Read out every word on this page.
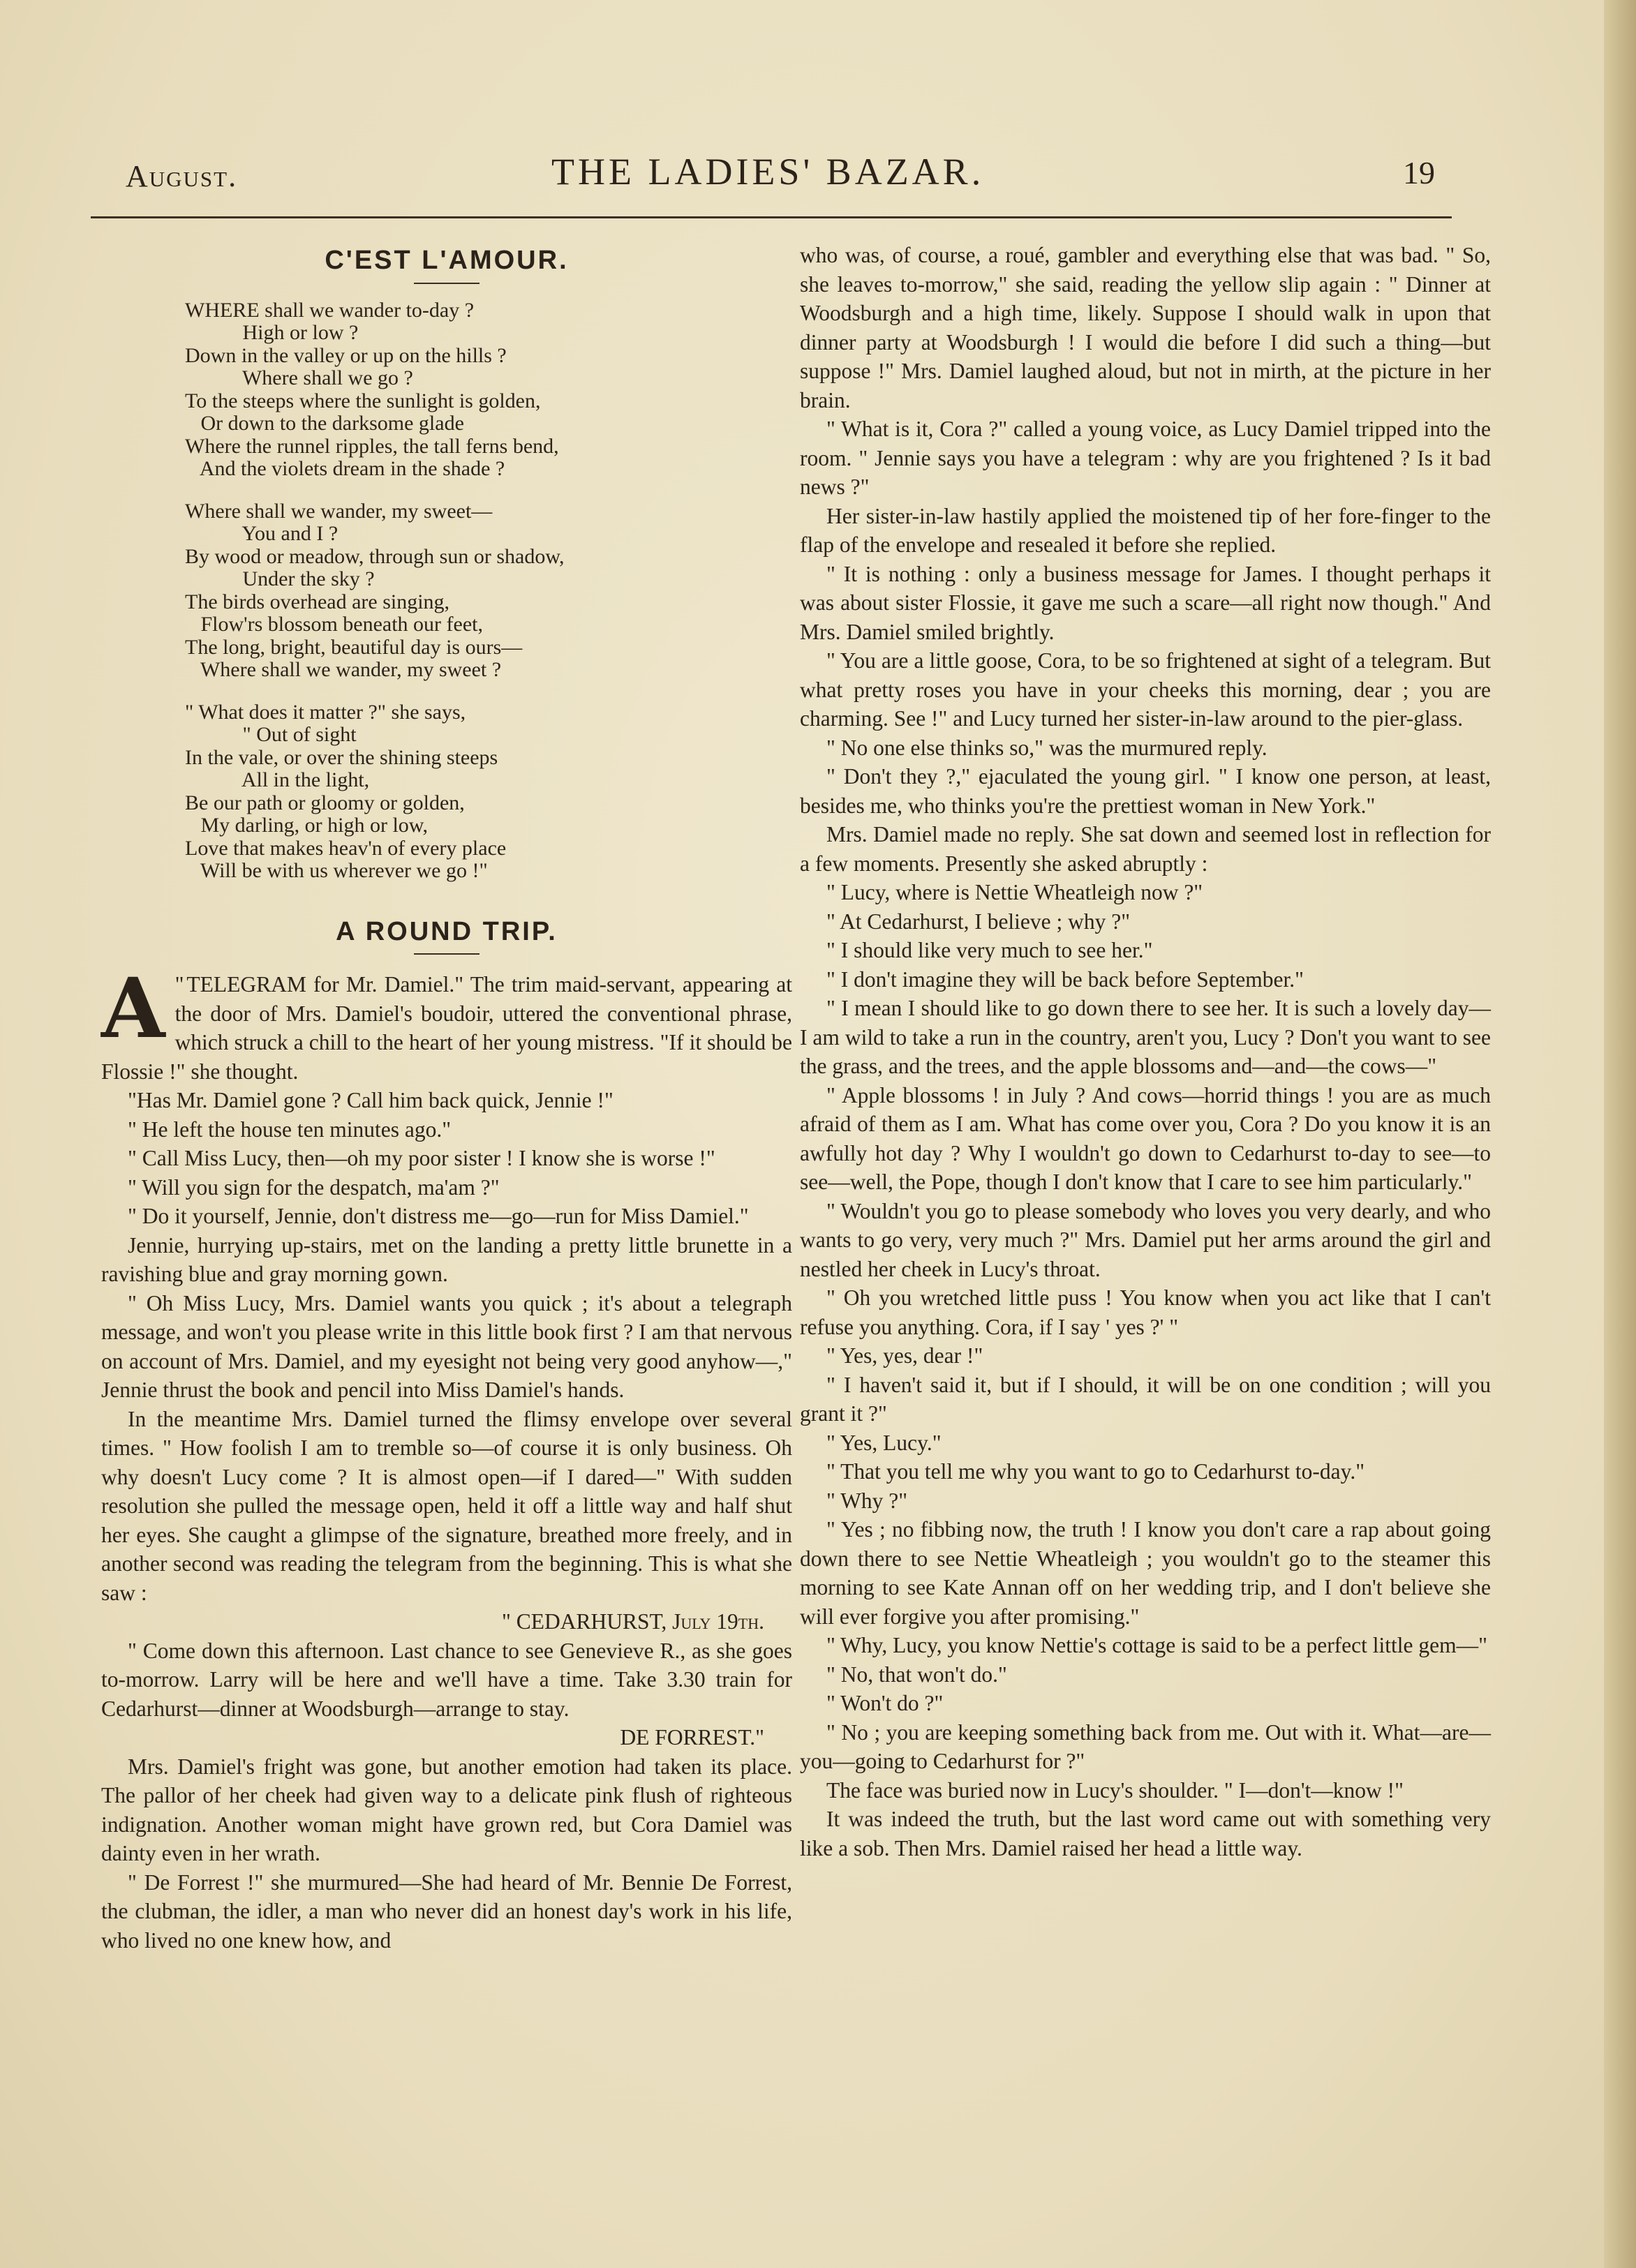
August.	THE LADIES' BAZAR.	19
C'EST L'AMOUR.
WHERE shall we wander to-day ?
High or low ?
Down in the valley or up on the hills ?
Where shall we go ?
To the steeps where the sunlight is golden,
Or down to the darksome glade
Where the runnel ripples, the tall ferns bend,
And the violets dream in the shade ?
Where shall we wander, my sweet—
You and I ?
By wood or meadow, through sun or shadow,
Under the sky ?
The birds overhead are singing,
Flow'rs blossom beneath our feet,
The long, bright, beautiful day is ours—
Where shall we wander, my sweet ?
" What does it matter ?" she says,
" Out of sight
In the vale, or over the shining steeps
All in the light,
Be our path or gloomy or golden,
My darling, or high or low,
Love that makes heav'n of every place
Will be with us wherever we go !"
A ROUND TRIP.

"
A TELEGRAM for Mr. Damiel." The trim maid-servant, appearing at the door of Mrs. Damiel's boudoir, uttered the conventional phrase, which struck a chill to the heart of her young mistress. "If it should be Flossie !" she thought.

"Has Mr. Damiel gone ? Call him back quick, Jennie !"

" He left the house ten minutes ago."

" Call Miss Lucy, then—oh my poor sister ! I know she is worse !"

" Will you sign for the despatch, ma'am ?"

" Do it yourself, Jennie, don't distress me—go—run for Miss Damiel."

Jennie, hurrying up-stairs, met on the landing a pretty little brunette in a ravishing blue and gray morning gown.

" Oh Miss Lucy, Mrs. Damiel wants you quick ; it's about a telegraph message, and won't you please write in this little book first ? I am that nervous on account of Mrs. Damiel, and my eyesight not being very good anyhow—," Jennie thrust the book and pencil into Miss Damiel's hands.

In the meantime Mrs. Damiel turned the flimsy envelope over several times. " How foolish I am to tremble so—of course it is only business. Oh why doesn't Lucy come ? It is almost open—if I dared—" With sudden resolution she pulled the message open, held it off a little way and half shut her eyes. She caught a glimpse of the signature, breathed more freely, and in another second was reading the telegram from the beginning. This is what she saw :

" CEDARHURST, July 19th.

" Come down this afternoon. Last chance to see Genevieve R., as she goes to-morrow. Larry will be here and we'll have a time. Take 3.30 train for Cedarhurst—dinner at Woodsburgh—arrange to stay.

DE FORREST."

Mrs. Damiel's fright was gone, but another emotion had taken its place. The pallor of her cheek had given way to a delicate pink flush of righteous indignation. Another woman might have grown red, but Cora Damiel was dainty even in her wrath.

" De Forrest !" she murmured—She had heard of Mr. Bennie De Forrest, the clubman, the idler, a man who never did an honest day's work in his life, who lived no one knew how, and

who was, of course, a roué, gambler and everything else that was bad. " So, she leaves to-morrow," she said, reading the yellow slip again : " Dinner at Woodsburgh and a high time, likely. Suppose I should walk in upon that dinner party at Woodsburgh ! I would die before I did such a thing—but suppose !" Mrs. Damiel laughed aloud, but not in mirth, at the picture in her brain.

" What is it, Cora ?" called a young voice, as Lucy Damiel tripped into the room. " Jennie says you have a telegram : why are you frightened ? Is it bad news ?"

Her sister-in-law hastily applied the moistened tip of her fore-finger to the flap of the envelope and resealed it before she replied.

" It is nothing : only a business message for James. I thought perhaps it was about sister Flossie, it gave me such a scare—all right now though." And Mrs. Damiel smiled brightly.

" You are a little goose, Cora, to be so frightened at sight of a telegram. But what pretty roses you have in your cheeks this morning, dear ; you are charming. See !" and Lucy turned her sister-in-law around to the pier-glass.

" No one else thinks so," was the murmured reply.

" Don't they ?," ejaculated the young girl. " I know one person, at least, besides me, who thinks you're the prettiest woman in New York."

Mrs. Damiel made no reply. She sat down and seemed lost in reflection for a few moments. Presently she asked abruptly :

" Lucy, where is Nettie Wheatleigh now ?"

" At Cedarhurst, I believe ; why ?"

" I should like very much to see her."

" I don't imagine they will be back before September."

" I mean I should like to go down there to see her. It is such a lovely day—I am wild to take a run in the country, aren't you, Lucy ? Don't you want to see the grass, and the trees, and the apple blossoms and—and—the cows—"

" Apple blossoms ! in July ? And cows—horrid things ! you are as much afraid of them as I am. What has come over you, Cora ? Do you know it is an awfully hot day ? Why I wouldn't go down to Cedarhurst to-day to see—to see—well, the Pope, though I don't know that I care to see him particularly."

" Wouldn't you go to please somebody who loves you very dearly, and who wants to go very, very much ?" Mrs. Damiel put her arms around the girl and nestled her cheek in Lucy's throat.

" Oh you wretched little puss ! You know when you act like that I can't refuse you anything. Cora, if I say ' yes ?' "

" Yes, yes, dear !"

" I haven't said it, but if I should, it will be on one condition ; will you grant it ?"

" Yes, Lucy."

" That you tell me why you want to go to Cedarhurst to-day."

" Why ?"

" Yes ; no fibbing now, the truth ! I know you don't care a rap about going down there to see Nettie Wheatleigh ; you wouldn't go to the steamer this morning to see Kate Annan off on her wedding trip, and I don't believe she will ever forgive you after promising."

" Why, Lucy, you know Nettie's cottage is said to be a perfect little gem—"

" No, that won't do."

" Won't do ?"

" No ; you are keeping something back from me. Out with it. What—are—you—going to Cedarhurst for ?"

The face was buried now in Lucy's shoulder. " I—don't—know !"

It was indeed the truth, but the last word came out with something very like a sob. Then Mrs. Damiel raised her head a little way.
